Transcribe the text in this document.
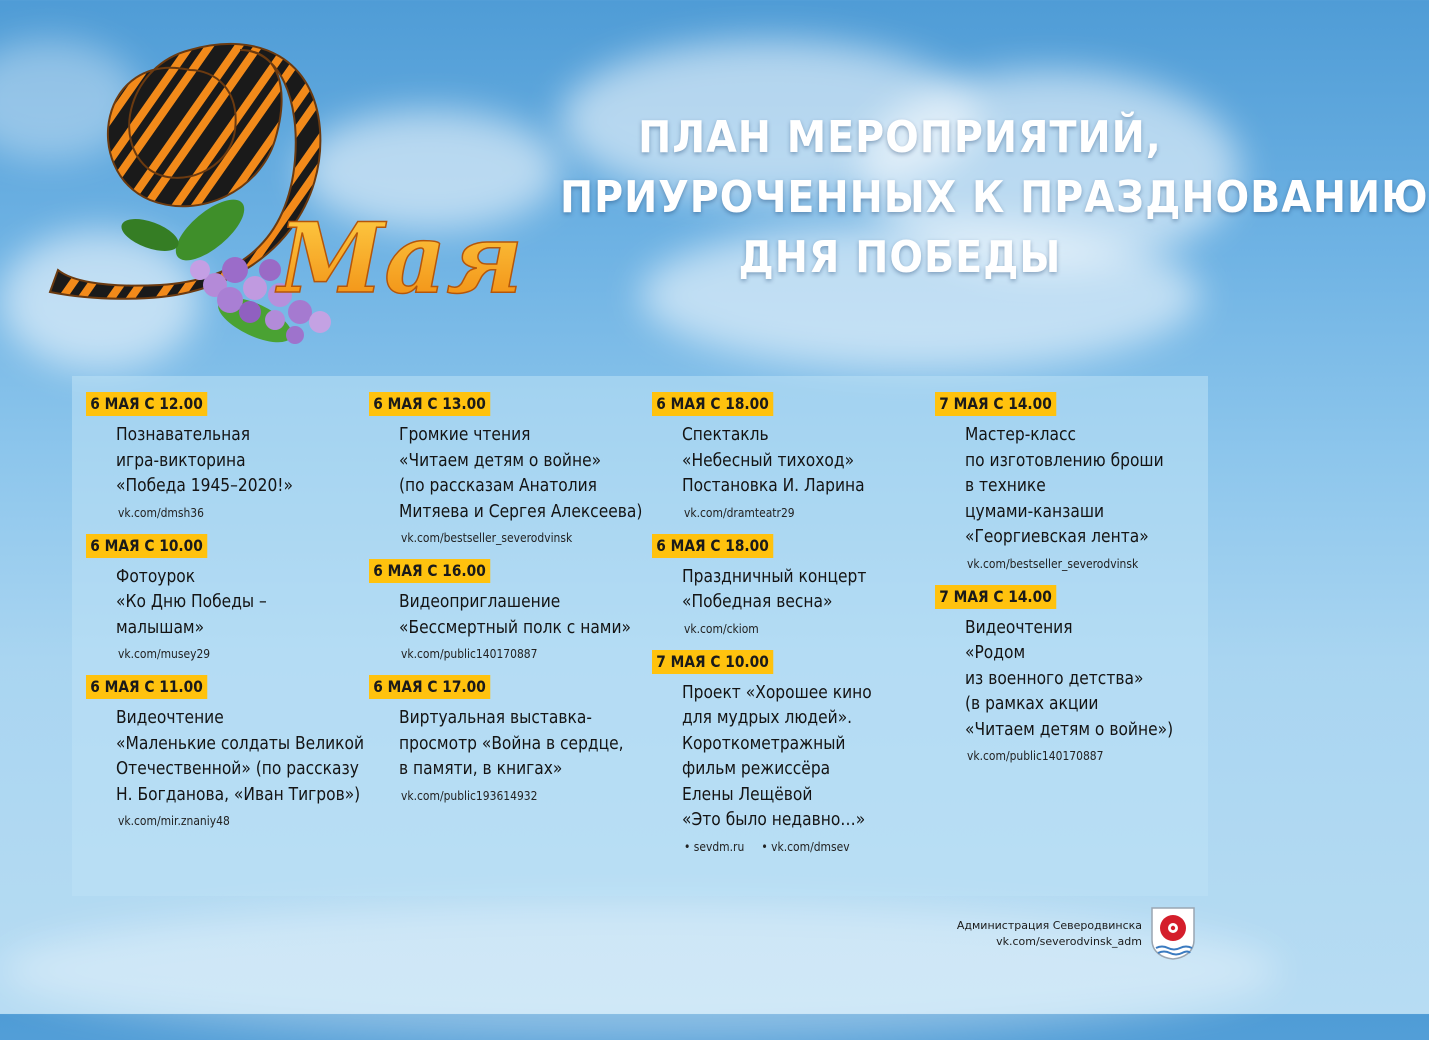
Мая
ПЛАН МЕРОПРИЯТИЙ,
ПРИУРОЧЕННЫХ К ПРАЗДНОВАНИЮ
ДНЯ ПОБЕДЫ
6 МАЯ С 12.00
Познавательная
игра-викторина
«Победа 1945–2020!»
vk.com/dmsh36
6 МАЯ С 10.00
Фотоурок
«Ко Дню Победы –
малышам»
vk.com/musey29
6 МАЯ С 11.00
Видеочтение
«Маленькие солдаты Великой
Отечественной» (по рассказу
Н. Богданова, «Иван Тигров»)
vk.com/mir.znaniy48
6 МАЯ С 13.00
Громкие чтения
«Читаем детям о войне»
(по рассказам Анатолия
Митяева и Сергея Алексеева)
vk.com/bestseller_severodvinsk
6 МАЯ С 16.00
Видеоприглашение
«Бессмертный полк с нами»
vk.com/public140170887
6 МАЯ С 17.00
Виртуальная выставка-
просмотр «Война в сердце,
в памяти, в книгах»
vk.com/public193614932
6 МАЯ С 18.00
Спектакль
«Небесный тихоход»
Постановка И. Ларина
vk.com/dramteatr29
6 МАЯ С 18.00
Праздничный концерт
«Победная весна»
vk.com/ckiom
7 МАЯ С 10.00
Проект «Хорошее кино
для мудрых людей».
Короткометражный
фильм режиссёра
Елены Лещёвой
«Это было недавно…»
• sevdm.ru • vk.com/dmsev
7 МАЯ С 14.00
Мастер-класс
по изготовлению броши
в технике
цумами-канзаши
«Георгиевская лента»
vk.com/bestseller_severodvinsk
7 МАЯ С 14.00
Видеочтения
«Родом
из военного детства»
(в рамках акции
«Читаем детям о войне»)
vk.com/public140170887
Администрация Северодвинска
vk.com/severodvinsk_adm
